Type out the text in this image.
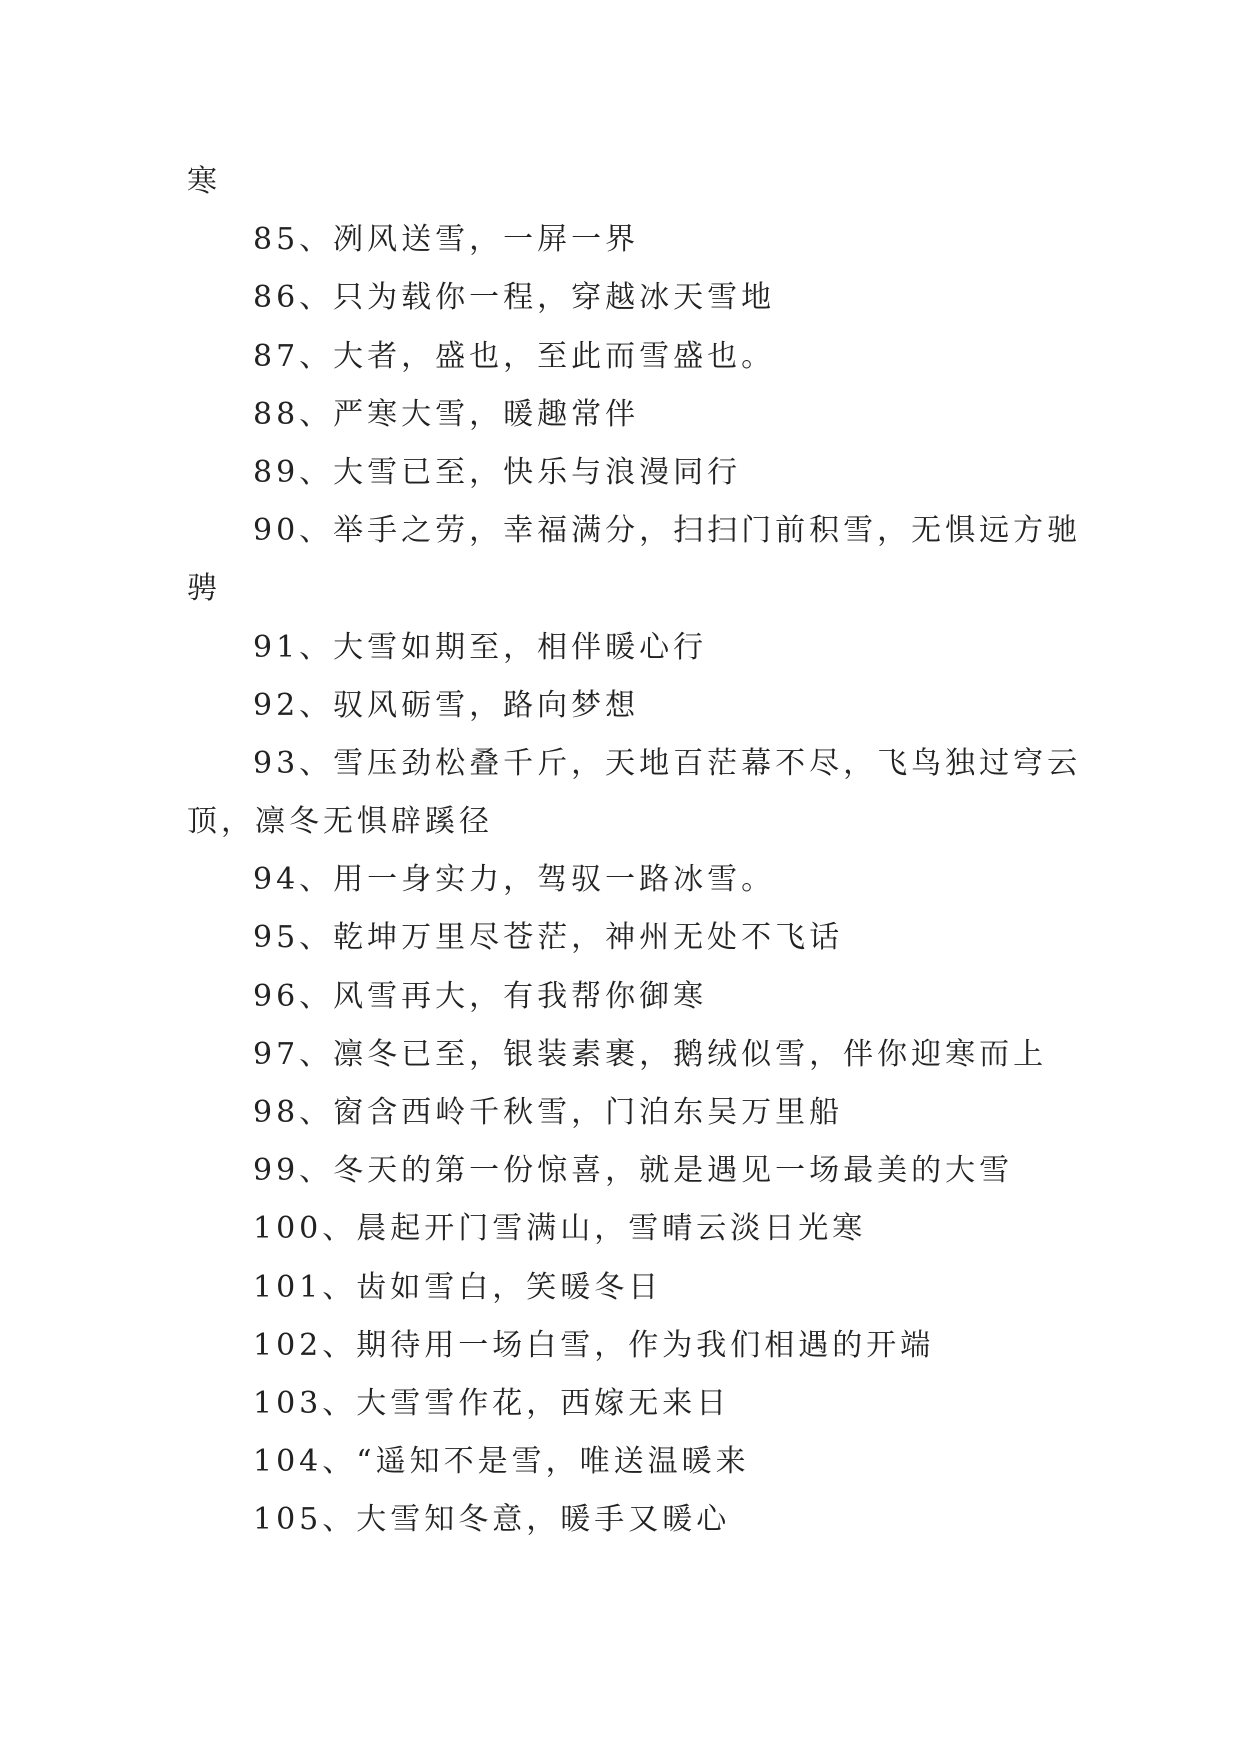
寒
85、冽风送雪，一屏一界
86、只为载你一程，穿越冰天雪地
87、大者，盛也，至此而雪盛也。
88、严寒大雪，暖趣常伴
89、大雪已至，快乐与浪漫同行
90、举手之劳，幸福满分，扫扫门前积雪，无惧远方驰
骋
91、大雪如期至，相伴暖心行
92、驭风砺雪，路向梦想
93、雪压劲松叠千斤，天地百茫幕不尽，飞鸟独过穹云
顶，凛冬无惧辟蹊径
94、用一身实力，驾驭一路冰雪。
95、乾坤万里尽苍茫，神州无处不飞话
96、风雪再大，有我帮你御寒
97、凛冬已至，银装素裹，鹅绒似雪，伴你迎寒而上
98、窗含西岭千秋雪，门泊东吴万里船
99、冬天的第一份惊喜，就是遇见一场最美的大雪
100、晨起开门雪满山，雪晴云淡日光寒
101、齿如雪白，笑暖冬日
102、期待用一场白雪，作为我们相遇的开端
103、大雪雪作花，西嫁无来日
104、“遥知不是雪，唯送温暖来
105、大雪知冬意，暖手又暖心
